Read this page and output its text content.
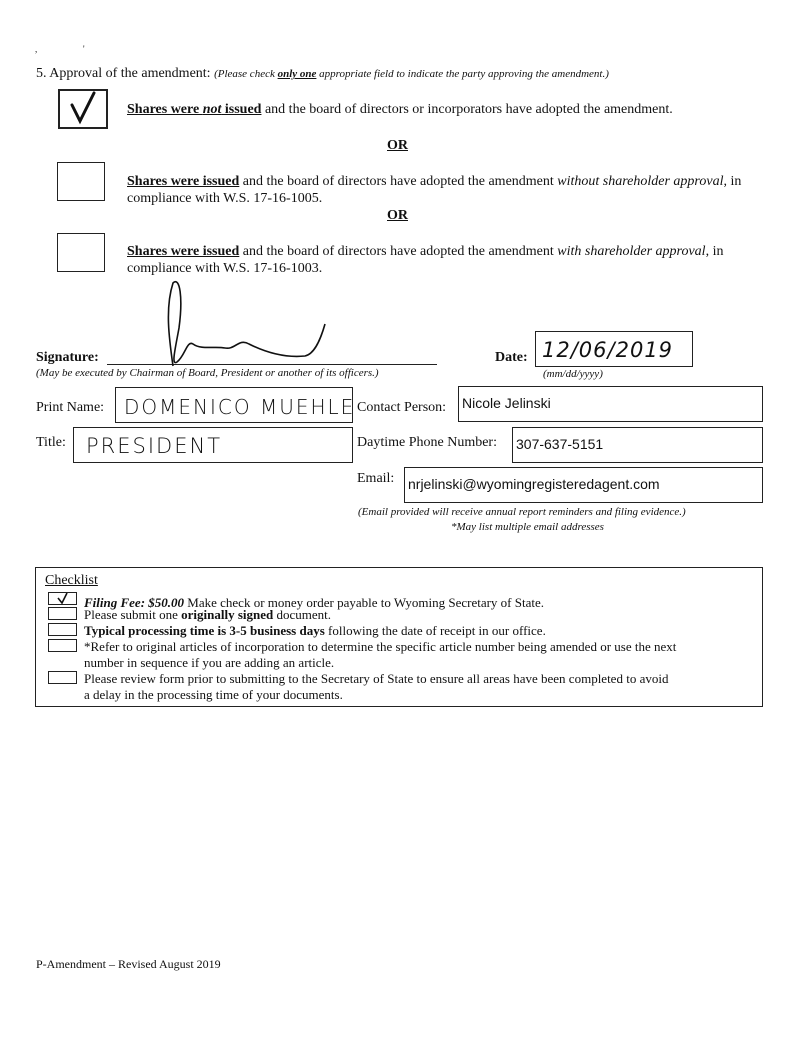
,	'
5. Approval of the amendment: (Please check only one appropriate field to indicate the party approving the amendment.)
Shares were not issued and the board of directors or incorporators have adopted the amendment.
OR
Shares were issued and the board of directors have adopted the amendment without shareholder approval, in compliance with W.S. 17-16-1005.
OR
Shares were issued and the board of directors have adopted the amendment with shareholder approval, in compliance with W.S. 17-16-1003.
Signature:
(May be executed by Chairman of Board, President or another of its officers.)
Date: 12/06/2019
(mm/dd/yyyy)
Print Name: DOMENICO MUEHLE
Title: PRESIDENT
Contact Person: Nicole Jelinski
Daytime Phone Number: 307-637-5151
Email: nrjelinski@wyomingregisteredagent.com
(Email provided will receive annual report reminders and filing evidence.)
*May list multiple email addresses
Checklist
Filing Fee: $50.00 Make check or money order payable to Wyoming Secretary of State.
Please submit one originally signed document.
Typical processing time is 3-5 business days following the date of receipt in our office.
*Refer to original articles of incorporation to determine the specific article number being amended or use the next
number in sequence if you are adding an article.
Please review form prior to submitting to the Secretary of State to ensure all areas have been completed to avoid
a delay in the processing time of your documents.
P-Amendment – Revised August 2019
